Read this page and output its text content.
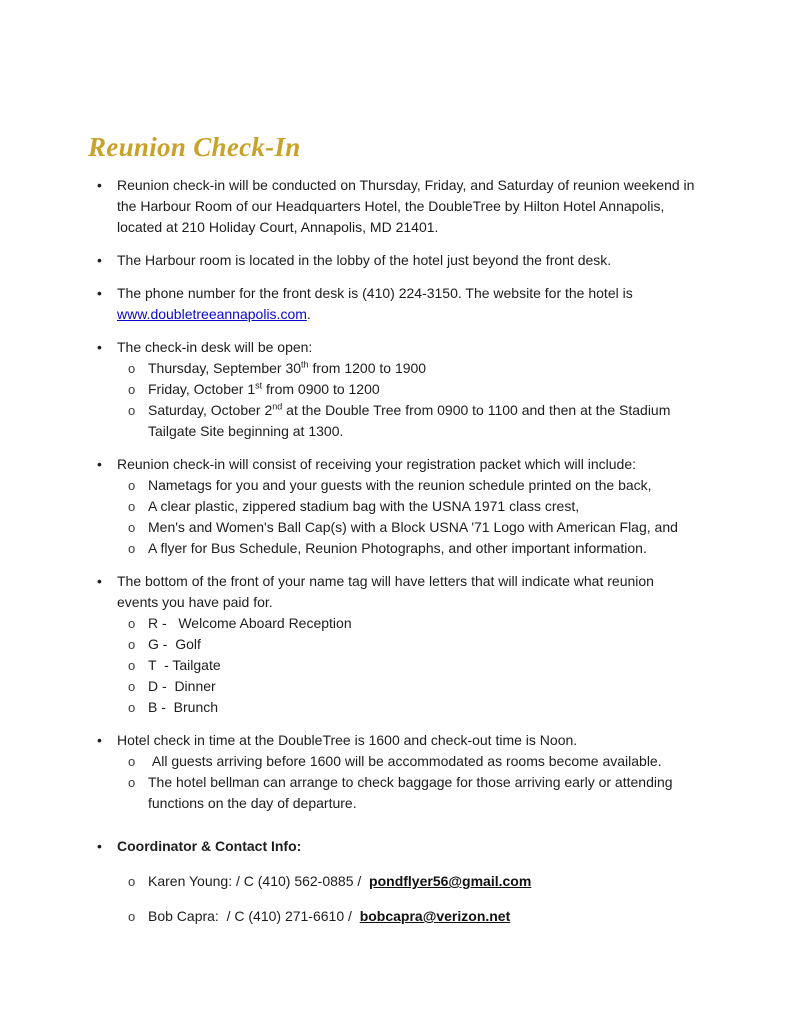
Reunion Check-In
•	Reunion check-in will be conducted on Thursday, Friday, and Saturday of reunion weekend in the Harbour Room of our Headquarters Hotel, the DoubleTree by Hilton Hotel Annapolis, located at 210 Holiday Court, Annapolis, MD 21401.
•	The Harbour room is located in the lobby of the hotel just beyond the front desk.
•	The phone number for the front desk is (410) 224-3150. The website for the hotel is www.doubletreeannapolis.com.
•	The check-in desk will be open:
o Thursday, September 30th from 1200 to 1900
o Friday, October 1st from 0900 to 1200
o Saturday, October 2nd at the Double Tree from 0900 to 1100 and then at the Stadium Tailgate Site beginning at 1300.
•	Reunion check-in will consist of receiving your registration packet which will include:
o Nametags for you and your guests with the reunion schedule printed on the back,
o A clear plastic, zippered stadium bag with the USNA 1971 class crest,
o Men's and Women's Ball Cap(s) with a Block USNA '71 Logo with American Flag, and
o A flyer for Bus Schedule, Reunion Photographs, and other important information.
•	The bottom of the front of your name tag will have letters that will indicate what reunion events you have paid for.
o R -   Welcome Aboard Reception
o G -  Golf
o T  - Tailgate
o D -  Dinner
o B -  Brunch
•	Hotel check in time at the DoubleTree is 1600 and check-out time is Noon.
o All guests arriving before 1600 will be accommodated as rooms become available.
o The hotel bellman can arrange to check baggage for those arriving early or attending functions on the day of departure.
•	Coordinator & Contact Info:
o Karen Young: / C (410) 562-0885 /  pondflyer56@gmail.com
o Bob Capra:  / C (410) 271-6610 /  bobcapra@verizon.net
